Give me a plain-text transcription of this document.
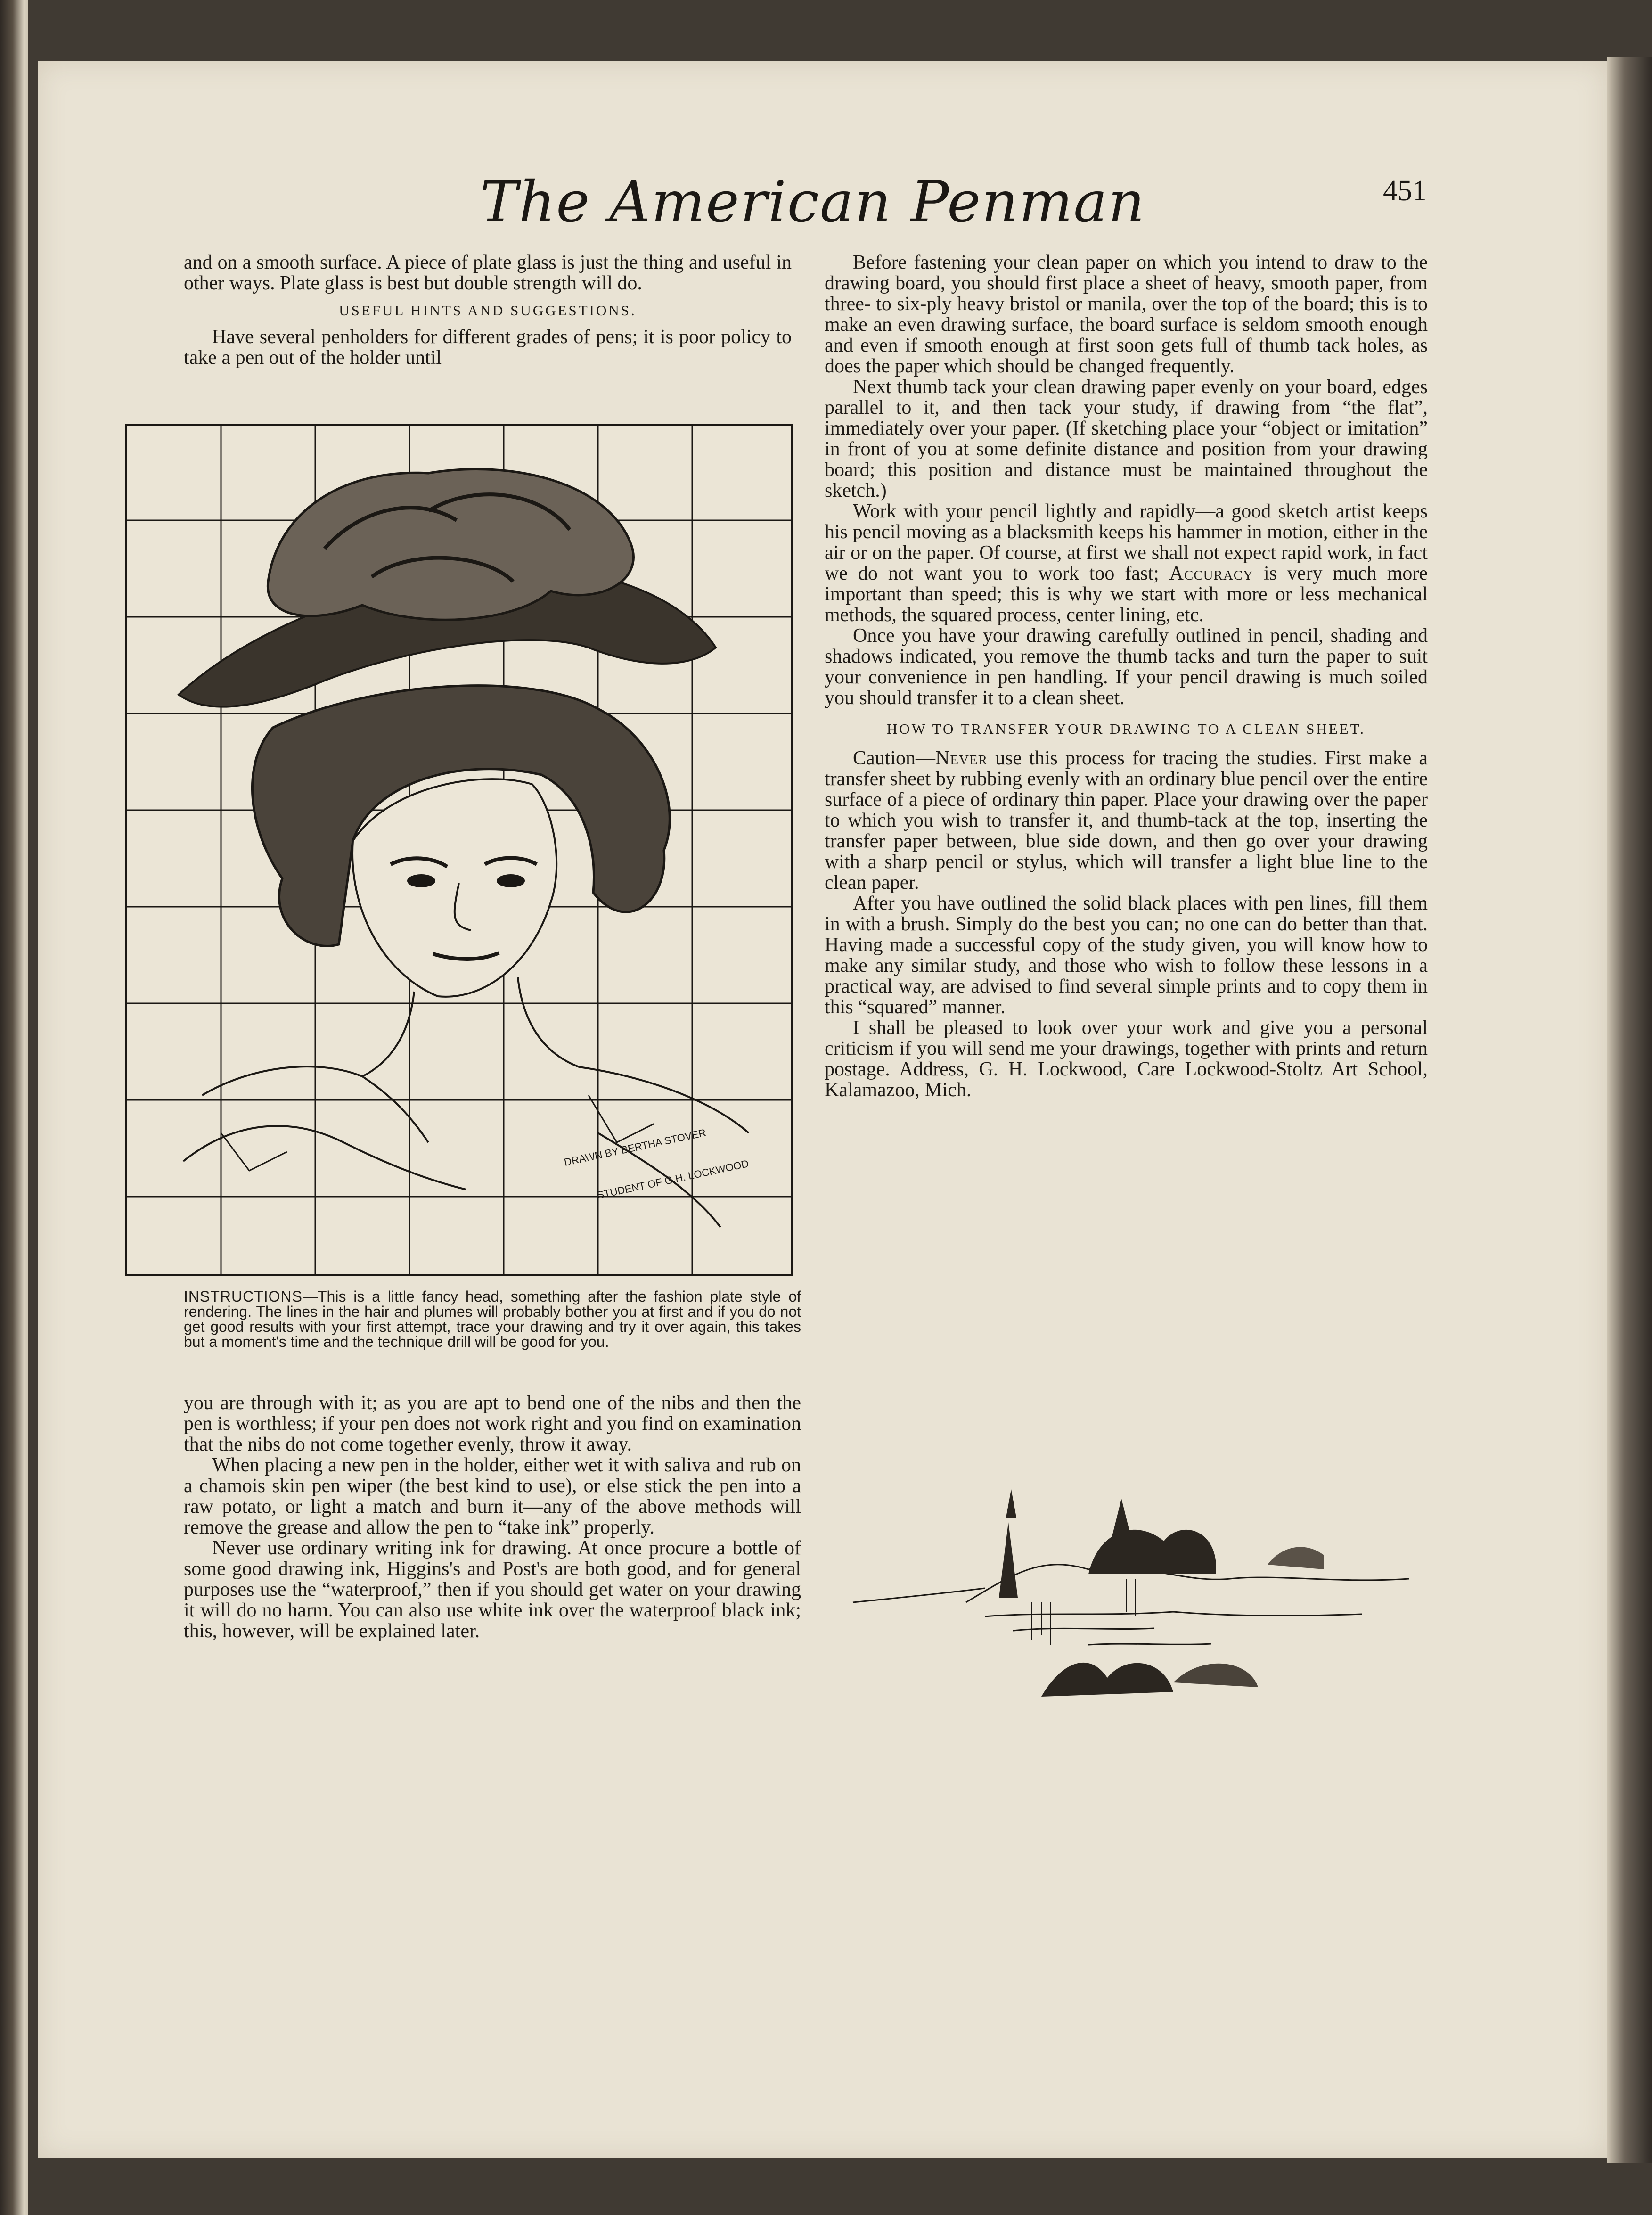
The American Penman	451

and on a smooth surface. A piece of plate glass is just the thing and useful in other ways. Plate glass is best but double strength will do.

USEFUL HINTS AND SUGGESTIONS.

Have several penholders for different grades of pens; it is poor policy to take a pen out of the holder until

DRAWN BY BERTHA STOVER
STUDENT OF G.H. LOCKWOOD
INSTRUCTIONS—This is a little fancy head, something after the fashion plate style of rendering. The lines in the hair and plumes will probably bother you at first and if you do not get good results with your first attempt, trace your drawing and try it over again, this takes but a moment's time and the technique drill will be good for you.

you are through with it; as you are apt to bend one of the nibs and then the pen is worthless; if your pen does not work right and you find on examination that the nibs do not come together evenly, throw it away.

When placing a new pen in the holder, either wet it with saliva and rub on a chamois skin pen wiper (the best kind to use), or else stick the pen into a raw potato, or light a match and burn it—any of the above methods will remove the grease and allow the pen to “take ink” properly.

Never use ordinary writing ink for drawing. At once procure a bottle of some good drawing ink, Higgins's and Post's are both good, and for general purposes use the “waterproof,” then if you should get water on your drawing it will do no harm. You can also use white ink over the waterproof black ink; this, however, will be explained later.

Before fastening your clean paper on which you intend to draw to the drawing board, you should first place a sheet of heavy, smooth paper, from three- to six-ply heavy bristol or manila, over the top of the board; this is to make an even drawing surface, the board surface is seldom smooth enough and even if smooth enough at first soon gets full of thumb tack holes, as does the paper which should be changed frequently.

Next thumb tack your clean drawing paper evenly on your board, edges parallel to it, and then tack your study, if drawing from “the flat”, immediately over your paper. (If sketching place your “object or imitation” in front of you at some definite distance and position from your drawing board; this position and distance must be maintained throughout the sketch.)

Work with your pencil lightly and rapidly—a good sketch artist keeps his pencil moving as a blacksmith keeps his hammer in motion, either in the air or on the paper. Of course, at first we shall not expect rapid work, in fact we do not want you to work too fast; Accuracy is very much more important than speed; this is why we start with more or less mechanical methods, the squared process, center lining, etc.

Once you have your drawing carefully outlined in pencil, shading and shadows indicated, you remove the thumb tacks and turn the paper to suit your convenience in pen handling. If your pencil drawing is much soiled you should transfer it to a clean sheet.

HOW TO TRANSFER YOUR DRAWING TO A CLEAN SHEET.

Caution—Never use this process for tracing the studies. First make a transfer sheet by rubbing evenly with an ordinary blue pencil over the entire surface of a piece of ordinary thin paper. Place your drawing over the paper to which you wish to transfer it, and thumb-tack at the top, inserting the transfer paper between, blue side down, and then go over your drawing with a sharp pencil or stylus, which will transfer a light blue line to the clean paper.

After you have outlined the solid black places with pen lines, fill them in with a brush. Simply do the best you can; no one can do better than that. Having made a successful copy of the study given, you will know how to make any similar study, and those who wish to follow these lessons in a practical way, are advised to find several simple prints and to copy them in this “squared” manner.

I shall be pleased to look over your work and give you a personal criticism if you will send me your drawings, together with prints and return postage. Address, G. H. Lockwood, Care Lockwood-Stoltz Art School, Kalamazoo, Mich.
